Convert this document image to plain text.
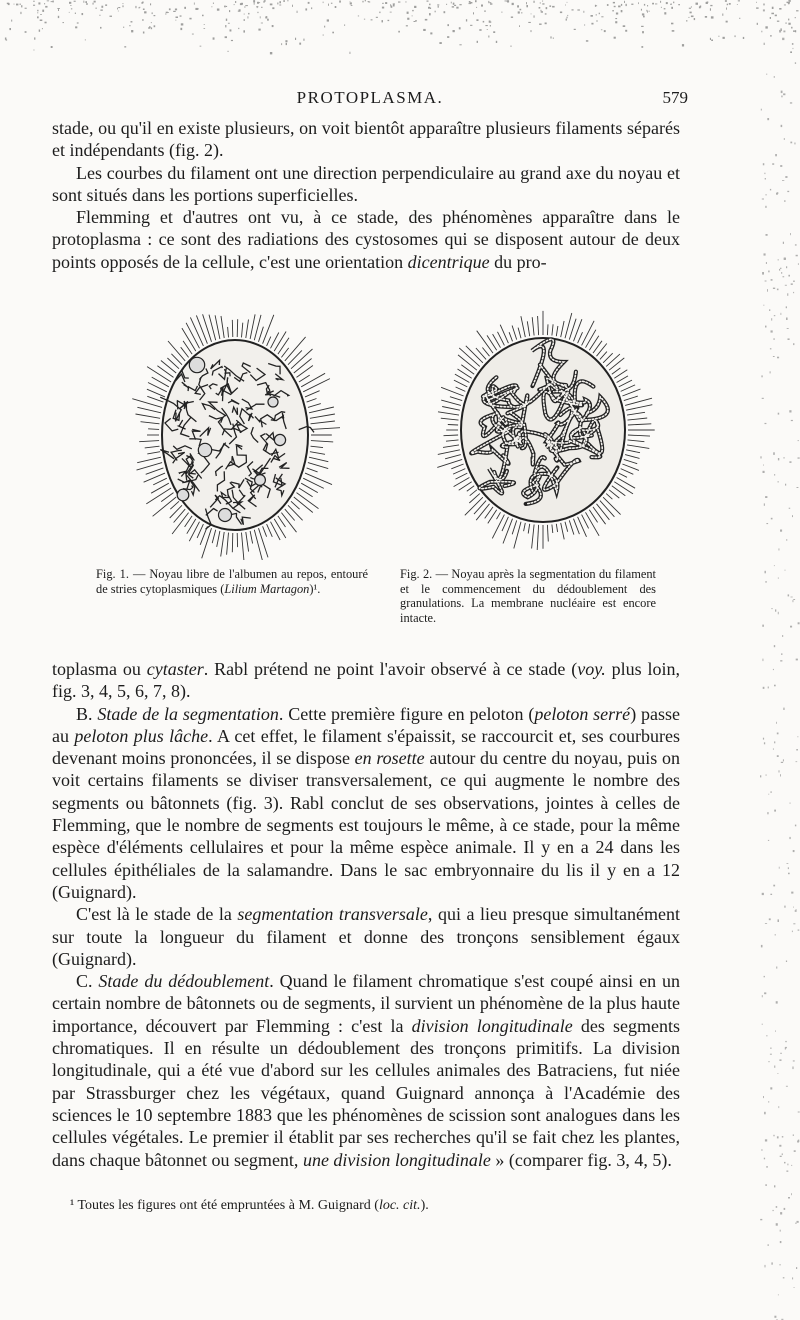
PROTOPLASMA.	579

stade, ou qu'il en existe plusieurs, on voit bientôt apparaître plusieurs filaments séparés et indépendants (fig. 2).

Les courbes du filament ont une direction perpendiculaire au grand axe du noyau et sont situés dans les portions superficielles.

Flemming et d'autres ont vu, à ce stade, des phénomènes apparaître dans le protoplasma : ce sont des radiations des cystosomes qui se disposent autour de deux points opposés de la cellule, c'est une orientation dicentrique du pro-

Fig. 1. — Noyau libre de l'albumen au repos, entouré de stries cytoplasmiques (Lilium Martagon)¹.
Fig. 2. — Noyau après la segmentation du filament et le commencement du dédoublement des granulations. La membrane nucléaire est encore intacte.

toplasma ou cytaster. Rabl prétend ne point l'avoir observé à ce stade (voy. plus loin, fig. 3, 4, 5, 6, 7, 8).

B. Stade de la segmentation. Cette première figure en peloton (peloton serré) passe au peloton plus lâche. A cet effet, le filament s'épaissit, se raccourcit et, ses courbures devenant moins prononcées, il se dispose en rosette autour du centre du noyau, puis on voit certains filaments se diviser transversalement, ce qui augmente le nombre des segments ou bâtonnets (fig. 3). Rabl conclut de ses observations, jointes à celles de Flemming, que le nombre de segments est toujours le même, à ce stade, pour la même espèce d'éléments cellulaires et pour la même espèce animale. Il y en a 24 dans les cellules épithéliales de la salamandre. Dans le sac embryonnaire du lis il y en a 12 (Guignard).

C'est là le stade de la segmentation transversale, qui a lieu presque simultanément sur toute la longueur du filament et donne des tronçons sensiblement égaux (Guignard).

C. Stade du dédoublement. Quand le filament chromatique s'est coupé ainsi en un certain nombre de bâtonnets ou de segments, il survient un phénomène de la plus haute importance, découvert par Flemming : c'est la division longitudinale des segments chromatiques. Il en résulte un dédoublement des tronçons primitifs. La division longitudinale, qui a été vue d'abord sur les cellules animales des Batraciens, fut niée par Strassburger chez les végétaux, quand Guignard annonça à l'Académie des sciences le 10 septembre 1883 que les phénomènes de scission sont analogues dans les cellules végétales. Le premier il établit par ses recherches qu'il se fait chez les plantes, dans chaque bâtonnet ou segment, une division longitudinale » (comparer fig. 3, 4, 5).

¹ Toutes les figures ont été empruntées à M. Guignard (loc. cit.).
